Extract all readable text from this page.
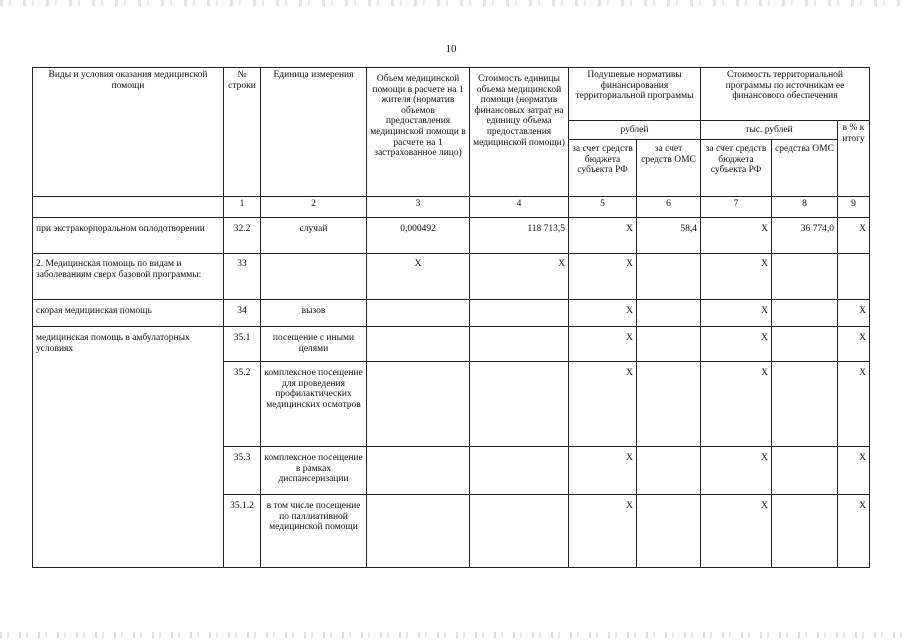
10
Виды и условия оказания медицинской помощи	№ строки	Единица измерения	Объем медицинской помощи в расчете на 1 жителя (норматив объемов предоставления медицинской помощи в расчете на 1 застрахованное лицо)	Стоимость единицы объема медицинской помощи (норматив финансовых затрат на единицу объема предоставления медицинской помощи)	Подушевые нормативы финансирования территориальной программы		Стоимость территориальной программы по источникам ее финансового обеспечения		
					рублей		тыс. рублей		в % к итогу
					за счет средств бюджета субъекта РФ	за счет средств ОМС	за счет средств бюджета субъекта РФ	средства ОМС	
	1	2	3	4	5	6	7	8	9
при экстракорпоральном оплодотворении	32.2	случай	0,000492	118 713,5	X	58,4	X	36 774,0	X
2. Медицинская помощь по видам и заболеваниям сверх базовой программы:	33		X	X	X		X		
скорая медицинская помощь	34	вызов			X		X		X
медицинская помощь в амбулаторных условиях	35.1	посещение с иными целями			X		X		X
	35.2	комплексное посещение для проведения профилактических медицинских осмотров			X		X		X
	35.3	комплексное посещение в рамках диспансеризации			X		X		X
	35.1.2	в том числе посещение по паллиативной медицинской помощи			X		X		X
